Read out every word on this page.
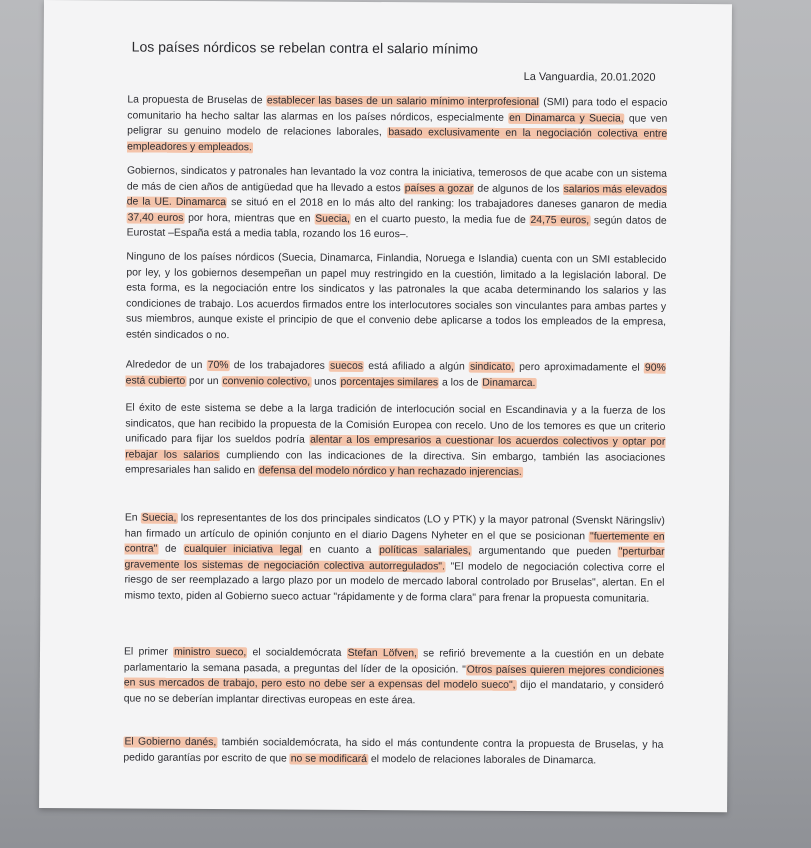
Los países nórdicos se rebelan contra el salario mínimo
La Vanguardia, 20.01.2020
La propuesta de Bruselas de establecer las bases de un salario mínimo interprofesional (SMI) para todo el espacio comunitario ha hecho saltar las alarmas en los países nórdicos, especialmente en Dinamarca y Suecia, que ven peligrar su genuino modelo de relaciones laborales, basado exclusivamente en la negociación colectiva entre empleadores y empleados.
Gobiernos, sindicatos y patronales han levantado la voz contra la iniciativa, temerosos de que acabe con un sistema de más de cien años de antigüedad que ha llevado a estos países a gozar de algunos de los salarios más elevados de la UE. Dinamarca se situó en el 2018 en lo más alto del ranking: los trabajadores daneses ganaron de media 37,40 euros por hora, mientras que en Suecia, en el cuarto puesto, la media fue de 24,75 euros, según datos de Eurostat –España está a media tabla, rozando los 16 euros–.
Ninguno de los países nórdicos (Suecia, Dinamarca, Finlandia, Noruega e Islandia) cuenta con un SMI establecido por ley, y los gobiernos desempeñan un papel muy restringido en la cuestión, limitado a la legislación laboral. De esta forma, es la negociación entre los sindicatos y las patronales la que acaba determinando los salarios y las condiciones de trabajo. Los acuerdos firmados entre los interlocutores sociales son vinculantes para ambas partes y sus miembros, aunque existe el principio de que el convenio debe aplicarse a todos los empleados de la empresa, estén sindicados o no.
Alrededor de un 70% de los trabajadores suecos está afiliado a algún sindicato, pero aproximadamente el 90% está cubierto por un convenio colectivo, unos porcentajes similares a los de Dinamarca.
El éxito de este sistema se debe a la larga tradición de interlocución social en Escandinavia y a la fuerza de los sindicatos, que han recibido la propuesta de la Comisión Europea con recelo. Uno de los temores es que un criterio unificado para fijar los sueldos podría alentar a los empresarios a cuestionar los acuerdos colectivos y optar por rebajar los salarios cumpliendo con las indicaciones de la directiva. Sin embargo, también las asociaciones empresariales han salido en defensa del modelo nórdico y han rechazado injerencias.
En Suecia, los representantes de los dos principales sindicatos (LO y PTK) y la mayor patronal (Svenskt Näringsliv) han firmado un artículo de opinión conjunto en el diario Dagens Nyheter en el que se posicionan "fuertemente en contra" de cualquier iniciativa legal en cuanto a políticas salariales, argumentando que pueden "perturbar gravemente los sistemas de negociación colectiva autorregulados". "El modelo de negociación colectiva corre el riesgo de ser reemplazado a largo plazo por un modelo de mercado laboral controlado por Bruselas", alertan. En el mismo texto, piden al Gobierno sueco actuar "rápidamente y de forma clara" para frenar la propuesta comunitaria.
El primer ministro sueco, el socialdemócrata Stefan Löfven, se refirió brevemente a la cuestión en un debate parlamentario la semana pasada, a preguntas del líder de la oposición. "Otros países quieren mejores condiciones en sus mercados de trabajo, pero esto no debe ser a expensas del modelo sueco", dijo el mandatario, y consideró que no se deberían implantar directivas europeas en este área.
El Gobierno danés, también socialdemócrata, ha sido el más contundente contra la propuesta de Bruselas, y ha pedido garantías por escrito de que no se modificará el modelo de relaciones laborales de Dinamarca.
